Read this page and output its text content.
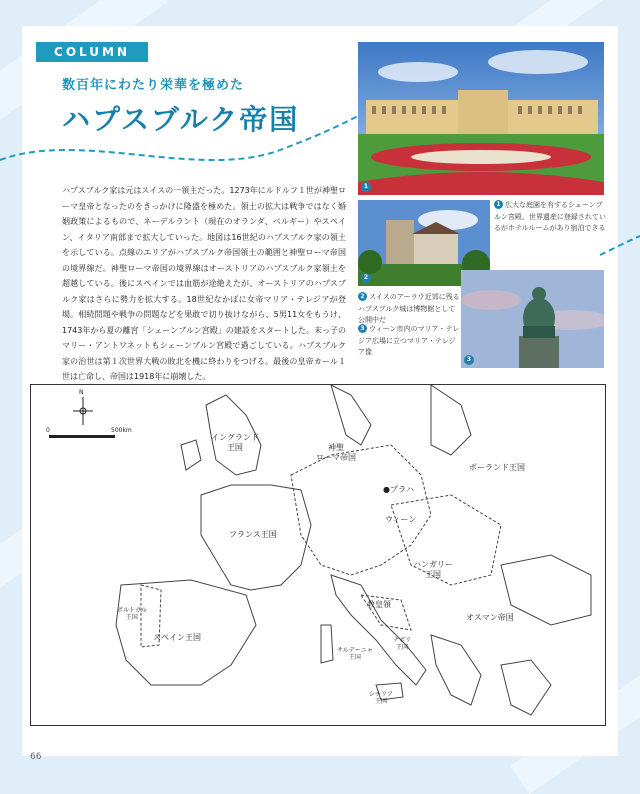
COLUMN
数百年にわたり栄華を極めた
ハプスブルク帝国
ハプスブルク家は元はスイスの一領主だった。1273年にルドルフ１世が神聖ローマ皇帝となったのをきっかけに隆盛を極めた。領土の拡大は戦争ではなく婚姻政策によるもので、ネーデルラント（現在のオランダ、ベルギー）やスペイン、イタリア南部まで拡大していった。地図は16世紀のハプスブルク家の領土を示している。点線のエリアがハプスブルク帝国領土の範囲と神聖ローマ帝国の境界線だ。神聖ローマ帝国の境界線はオーストリアのハプスブルク家領土を超越している。後にスペインでは血筋が途絶えたが、オーストリアのハプスブルク家はさらに勢力を拡大する。18世紀なかばに女帝マリア・テレジアが登場。相続問題や戦争の問題などを果敢で切り抜けながら、5男11女をもうけ、1743年から夏の離宮「シェーンブルン宮殿」の建設をスタートした。末っ子のマリー・アントワネットもシェーンブルン宮殿で過ごしている。ハプスブルク家の治世は第１次世界大戦の敗北を機に終わりをつげる。最後の皇帝カール１世は亡命し、帝国は1918年に崩壊した。
1
2
3
1 広大な庭園を有するシェーンブルン宮殿。世界遺産に登録されているがホテルルームがあり宿泊できる
2 スイスのアーラウ近郊に残るハプスブルク城は博物館として公開中だ
3 ウィーン市内のマリア・テレジア広場に立つマリア・テレジア像
N
0	500km
イングランド
王国	神聖
ローマ帝国
ポーランド王国
●プラハ
フランス王国
ウィーン
ハンガリー
王国
ポルトガル
王国
スペイン王国
教皇領
オスマン帝国
サルデーニャ
王国
ナポリ
王国
シチリア
王国
66
